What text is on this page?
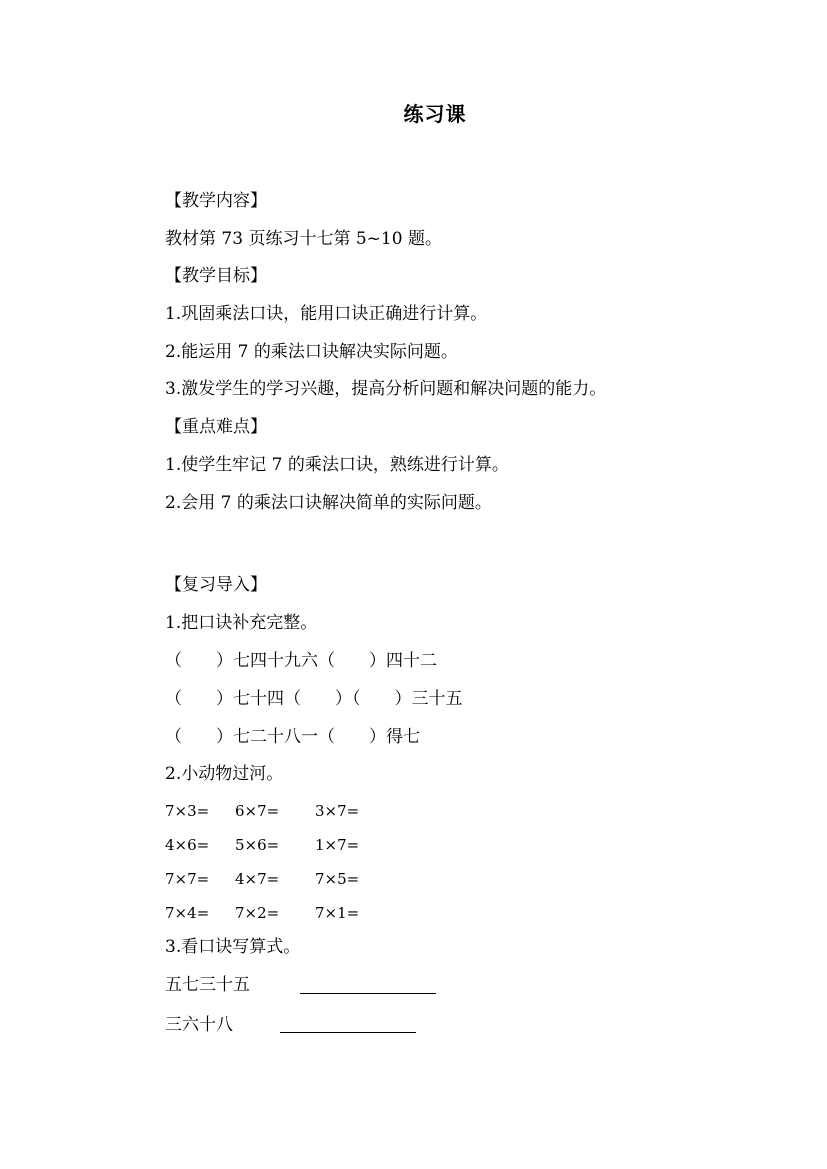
练习课
【教学内容】
教材第 73 页练习十七第 5~10 题。
【教学目标】
1.巩固乘法口诀，能用口诀正确进行计算。
2.能运用 7 的乘法口诀解决实际问题。
3.激发学生的学习兴趣，提高分析问题和解决问题的能力。
【重点难点】
1.使学生牢记 7 的乘法口诀，熟练进行计算。
2.会用 7 的乘法口诀解决简单的实际问题。
【复习导入】
1.把口诀补充完整。
（　　）七四十九六（　　）四十二
（　　）七十四（　　）（　　）三十五
（　　）七二十八一（　　）得七
2.小动物过河。
7×3= 6×7= 3×7=
4×6= 5×6= 1×7=
7×7= 4×7= 7×5=
7×4= 7×2= 7×1=
3.看口诀写算式。
五七三十五
三六十八
